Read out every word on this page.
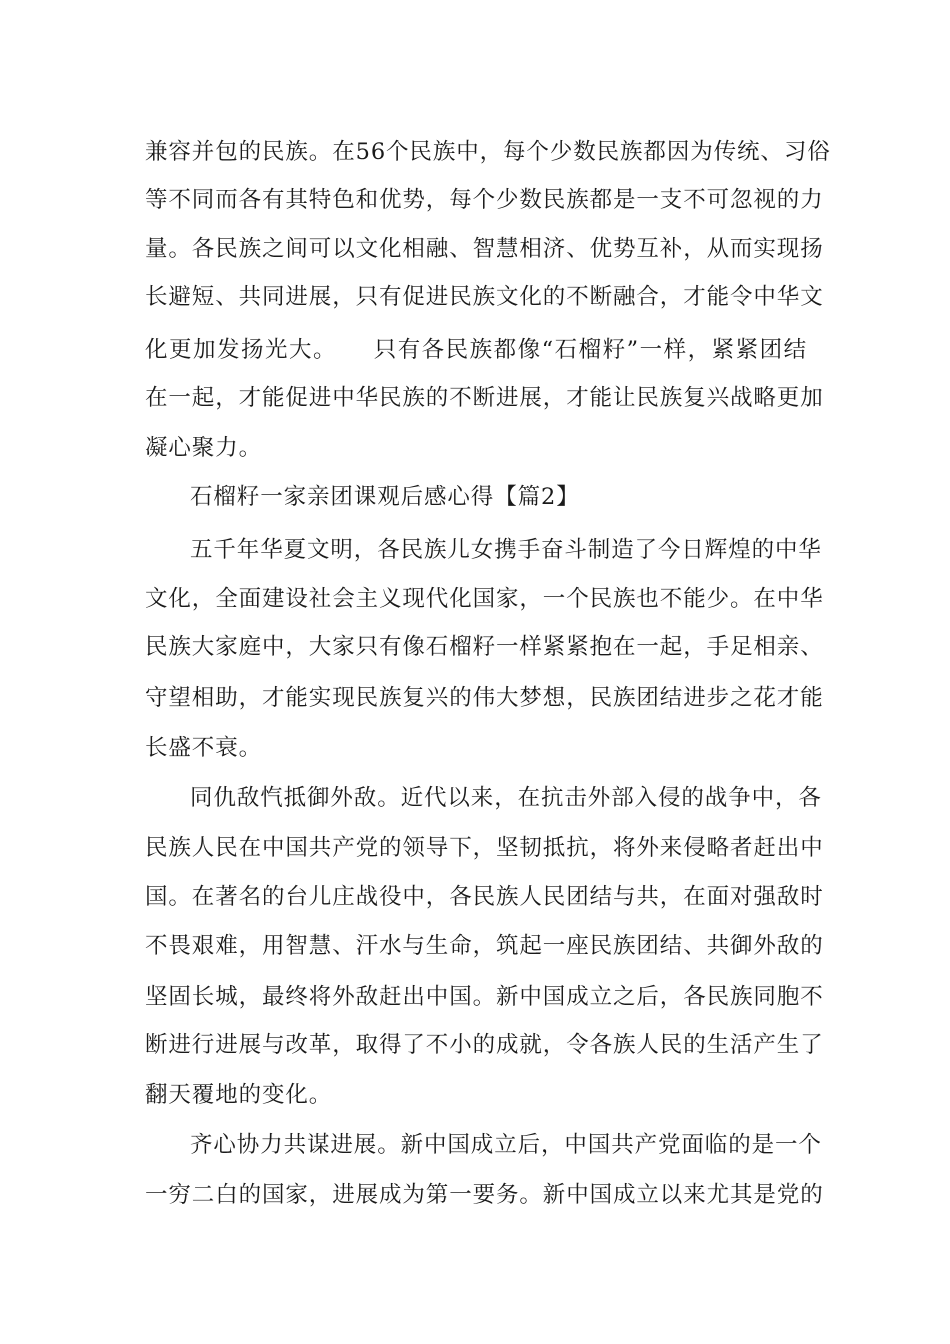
兼容并包的民族。在56个民族中，每个少数民族都因为传统、习俗
等不同而各有其特色和优势，每个少数民族都是一支不可忽视的力
量。各民族之间可以文化相融、智慧相济、优势互补，从而实现扬
长避短、共同进展，只有促进民族文化的不断融合，才能令中华文
化更加发扬光大。　　只有各民族都像“石榴籽”一样，紧紧团结
在一起，才能促进中华民族的不断进展，才能让民族复兴战略更加
凝心聚力。
石榴籽一家亲团课观后感心得【篇2】
五千年华夏文明，各民族儿女携手奋斗制造了今日辉煌的中华
文化，全面建设社会主义现代化国家，一个民族也不能少。在中华
民族大家庭中，大家只有像石榴籽一样紧紧抱在一起，手足相亲、
守望相助，才能实现民族复兴的伟大梦想，民族团结进步之花才能
长盛不衰。
同仇敌忾抵御外敌。近代以来，在抗击外部入侵的战争中，各
民族人民在中国共产党的领导下，坚韧抵抗，将外来侵略者赶出中
国。在著名的台儿庄战役中，各民族人民团结与共，在面对强敌时
不畏艰难，用智慧、汗水与生命，筑起一座民族团结、共御外敌的
坚固长城，最终将外敌赶出中国。新中国成立之后，各民族同胞不
断进行进展与改革，取得了不小的成就，令各族人民的生活产生了
翻天覆地的变化。
齐心协力共谋进展。新中国成立后，中国共产党面临的是一个
一穷二白的国家，进展成为第一要务。新中国成立以来尤其是党的
